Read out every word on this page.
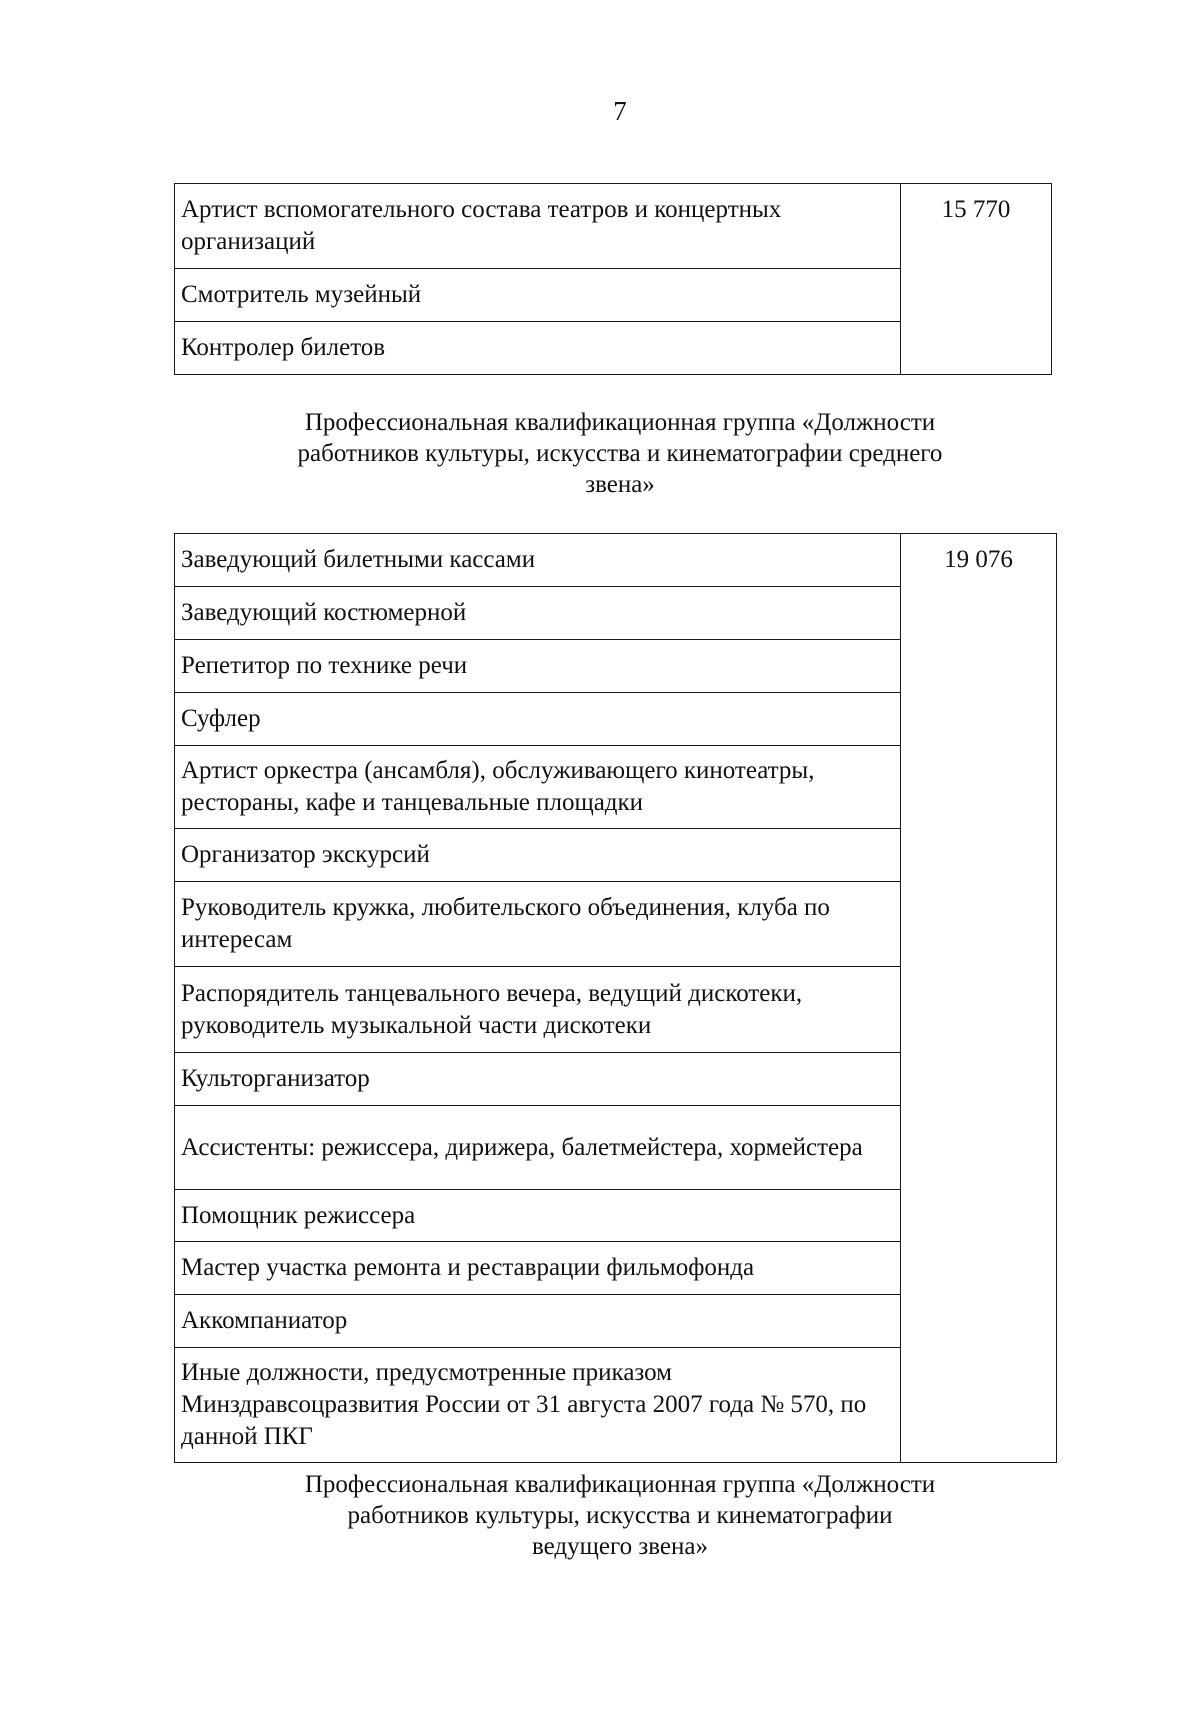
7
Артист вспомогательного состава театров и концертных организаций	15 770
Смотритель музейный
Контролер билетов
Профессиональная квалификационная группа «Должности
работников культуры, искусства и кинематографии среднего
звена»
Заведующий билетными кассами	19 076
Заведующий костюмерной
Репетитор по технике речи
Суфлер
Артист оркестра (ансамбля), обслуживающего кинотеатры, рестораны, кафе и танцевальные площадки
Организатор экскурсий
Руководитель кружка, любительского объединения, клуба по интересам
Распорядитель танцевального вечера, ведущий дискотеки, руководитель музыкальной части дискотеки
Культорганизатор
Ассистенты: режиссера, дирижера, балетмейстера, хормейстера
Помощник режиссера
Мастер участка ремонта и реставрации фильмофонда
Аккомпаниатор
Иные должности, предусмотренные приказом Минздравсоцразвития России от 31 августа 2007 года № 570, по данной ПКГ
Профессиональная квалификационная группа «Должности
работников культуры, искусства и кинематографии
ведущего звена»
